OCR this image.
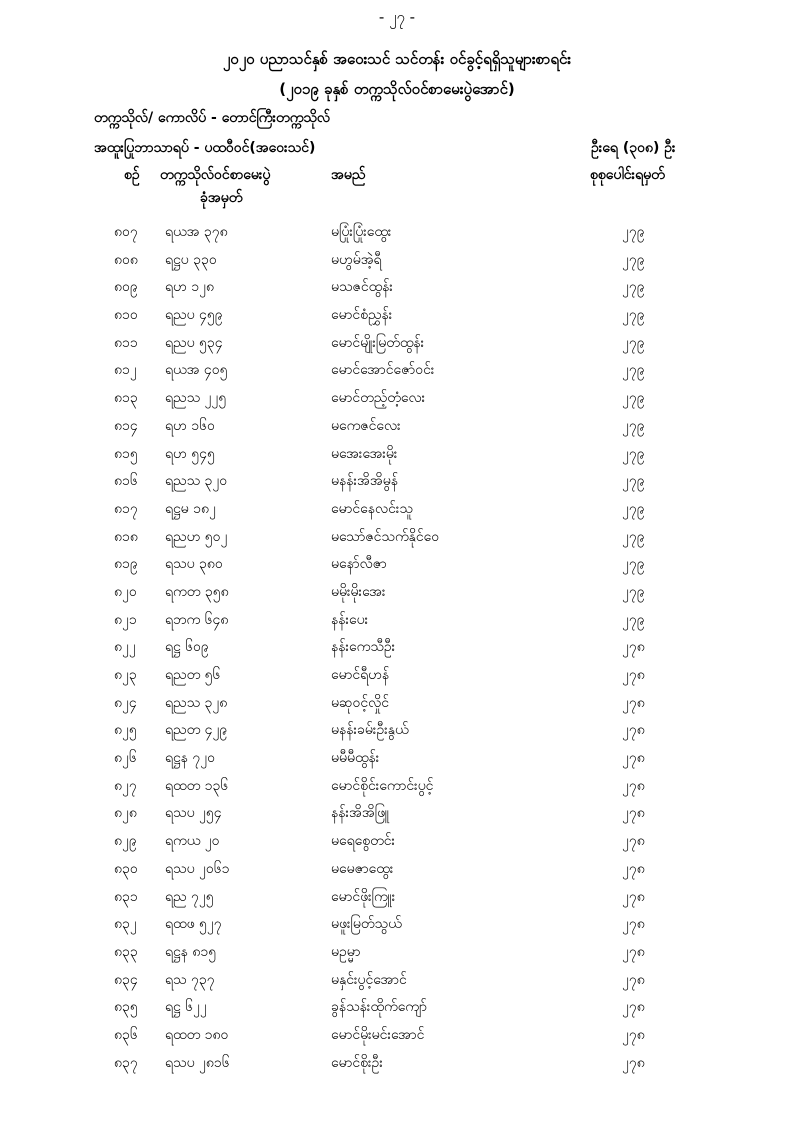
- ၂၇ -
၂၀၂၀ ပညာသင်နှစ် အဝေးသင် သင်တန်း ဝင်ခွင့်ရရှိသူများစာရင်း
(၂၀၁၉ ခုနှစ် တက္ကသိုလ်ဝင်စာမေးပွဲအောင်)
တက္ကသိုလ်/ ကောလိပ် - ‌တောင်ကြီးတက္ကသိုလ်
အထူးပြုဘာသာရပ် - ပထဝီဝင်(အဝေးသင်)	ဦးရေ (၃၀၈) ဦး
စဉ် တက္ကသိုလ်ဝင်စာမေးပွဲ
ခုံအမှတ်
အမည်	စုစုပေါင်းရမှတ်
၈၀၇ ရယအ ၃၇၈	မပြုံးပြုံးထွေး	၂၇၉
၈၀၈ ရဋ္ဌပ ၃၃၀	မဟွမ်အဲ့ရီ	၂၇၉
၈၀၉ ရဟ ၁၂၈	မသဇင်ထွန်း	၂၇၉
၈၁၀ ရညပ ၄၅၉	မောင်စံညွှန်း	၂၇၉
၈၁၁ ရညပ ၅၃၄	မောင်မျိုးမြတ်ထွန်း	၂၇၉
၈၁၂ ရယအ ၄၀၅	မောင်အောင်ဇော်ဝင်း	၂၇၉
၈၁၃ ရညသ ၂၂၅	မောင်တည့်တံ့လေး	၂၇၉
၈၁၄ ရဟ ၁၆၀	မကေဇင်လေး	၂၇၉
၈၁၅ ရဟ ၅၄၅	မအေးအေးမိုး	၂၇၉
၈၁၆ ရညသ ၃၂၀	မနန်းအိအိမွန်	၂၇၉
၈၁၇ ရဋ္ဌမ ၁၈၂	မောင်နေလင်းသူ	၂၇၉
၈၁၈ ရညဟ ၅၀၂	မသော်ဇင်သက်နိုင်ဝေ	၂၇၉
၈၁၉ ရသပ ၃၈၀	မနော်လီဇာ	၂၇၉
၈၂၀ ရကတ ၃၅၈	မမိုးမိုးအေး	၂၇၉
၈၂၁ ရဘက ၆၄၈	နန်းပေး	၂၇၉
၈၂၂ ရဋ္ဌ ၆၀၉	နန်းကေသီဦး	၂၇၈
၈၂၃ ရညတ ၅၆	မောင်ရီဟန်	၂၇၈
၈၂၄ ရညသ ၃၂၈	မဆုဝင့်လှိုင်	၂၇၈
၈၂၅ ရညတ ၄၂၉	မနန်းခမ်းဦးနွယ်	၂၇၈
၈၂၆ ရဋ္ဌန ၇၂၀	မမီမီထွန်း	၂၇၈
၈၂၇ ရထတ ၁၃၆	မောင်စိုင်းကောင်းပွင့်	၂၇၈
၈၂၈ ရသပ ၂၅၄	နန်းအိအိဖြူ	၂၇၈
၈၂၉ ရကယ ၂၀	မရေစွေတင်း	၂၇၈
၈၃၀ ရသပ ၂၀၆၁	မမေဇာထွေး	၂၇၈
၈၃၁ ရည ၇၂၅	မောင်ဖိုးကြူး	၂၇၈
၈၃၂ ရထဖ ၅၂၇	မဖူးမြတ်သွယ်	၂၇၈
၈၃၃ ရဋ္ဌန ၈၁၅	မဥမ္မာ	၂၇၈
၈၃၄ ရသ ၇၃၇	မနှင်းပွင့်အောင်	၂၇၈
၈၃၅ ရဋ္ဌ ၆၂၂	ခွန်သန်းထိုက်ကျော်	၂၇၈
၈၃၆ ရထတ ၁၈၀	မောင်မိုးမင်းအောင်	၂၇၈
၈၃၇ ရသပ ၂၈၁၆	မောင်စိုးဦး	၂၇၈
